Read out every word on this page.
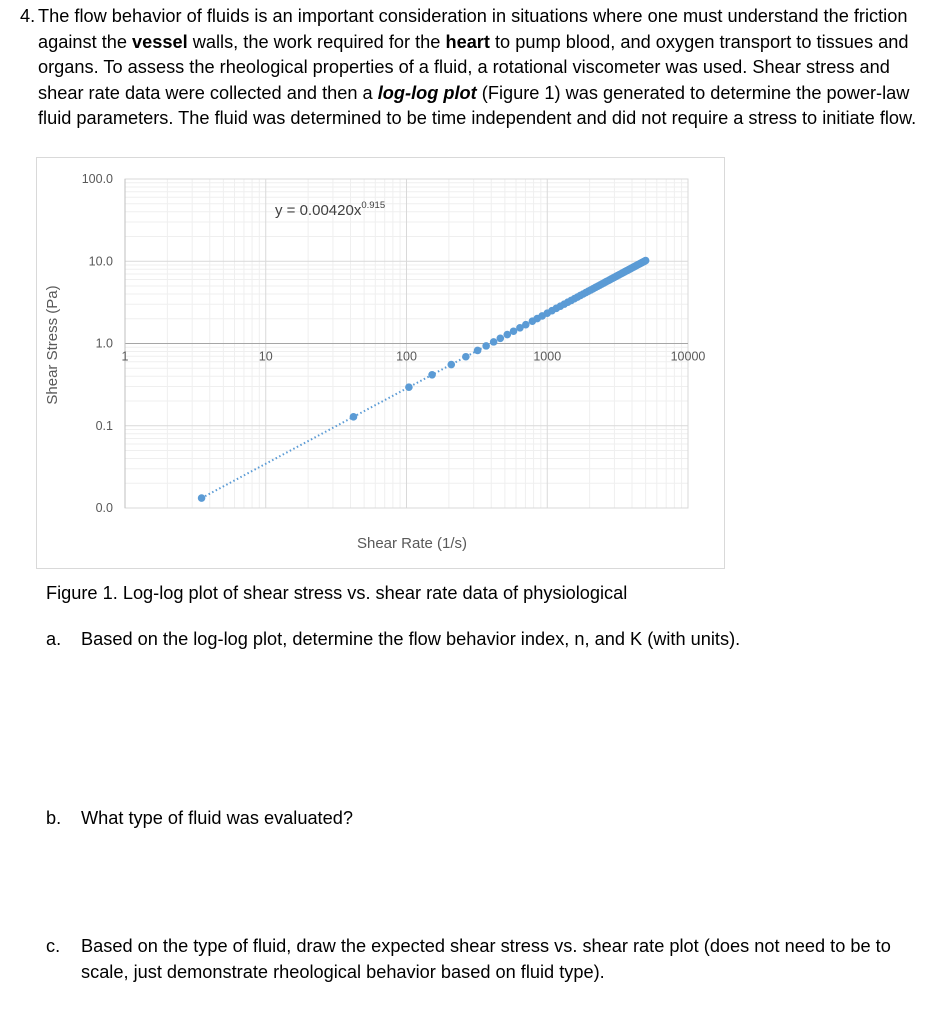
4. The flow behavior of fluids is an important consideration in situations where one must understand the friction against the vessel walls, the work required for the heart to pump blood, and oxygen transport to tissues and organs. To assess the rheological properties of a fluid, a rotational viscometer was used. Shear stress and shear rate data were collected and then a log-log plot (Figure 1) was generated to determine the power-law fluid parameters. The fluid was determined to be time independent and did not require a stress to initiate flow.
100.0
10.0
1.0
0.1
0.0
1	10	100	1000	10000
$y = 0.00420x^{0.915}$
Shear Rate (1/s)
Shear Stress (Pa)
Figure 1. Log-log plot of shear stress vs. shear rate data of physiological
a. Based on the log-log plot, determine the flow behavior index, n, and K (with units).
b. What type of fluid was evaluated?
c. Based on the type of fluid, draw the expected shear stress vs. shear rate plot (does not need to be to scale, just demonstrate rheological behavior based on fluid type).
